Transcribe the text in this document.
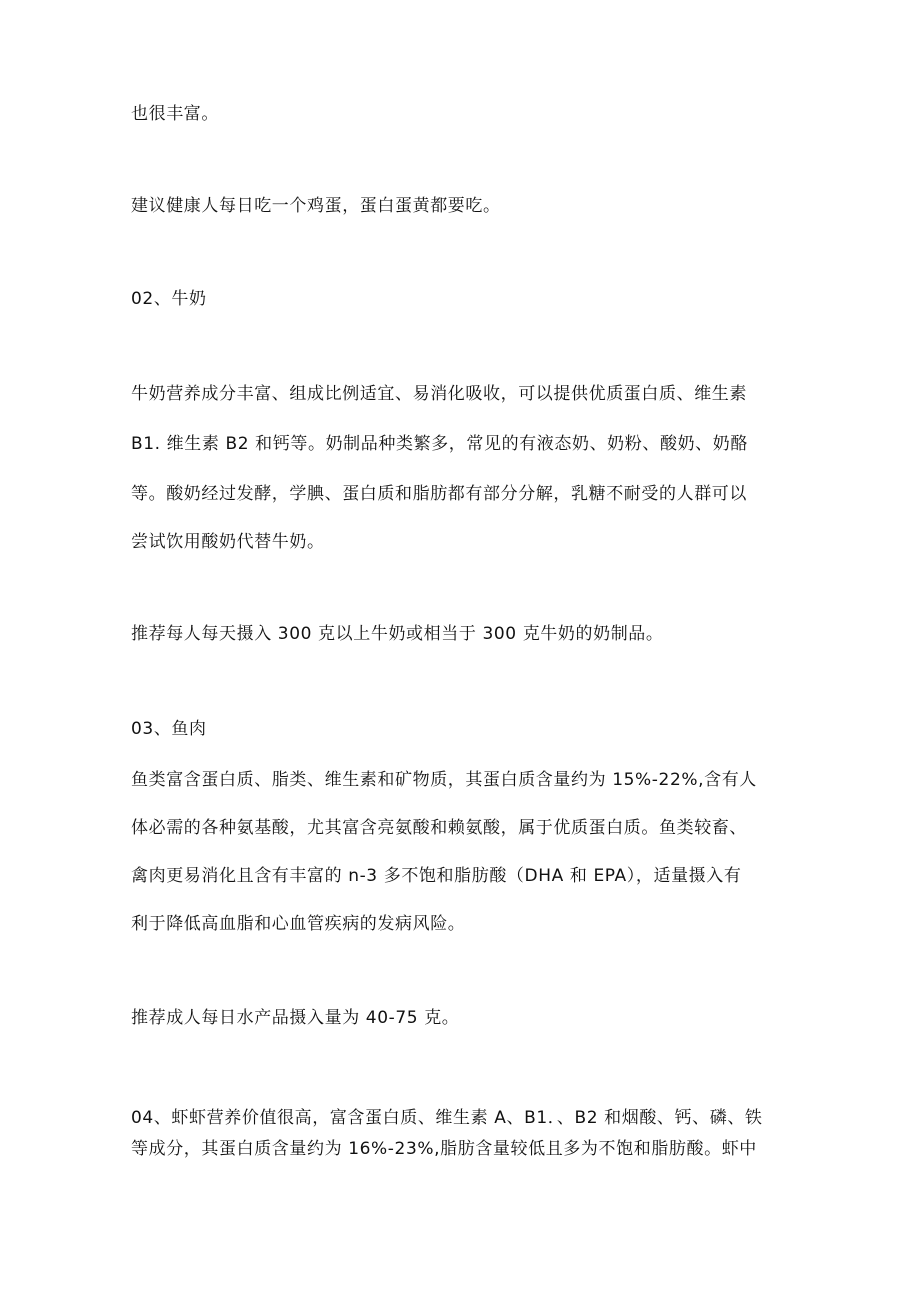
也很丰富。

建议健康人每日吃一个鸡蛋，蛋白蛋黄都要吃。

02、牛奶

牛奶营养成分丰富、组成比例适宜、易消化吸收，可以提供优质蛋白质、维生素

B1. 维生素 B2 和钙等。奶制品种类繁多，常见的有液态奶、奶粉、酸奶、奶酪

等。酸奶经过发酵，学腆、蛋白质和脂肪都有部分分解，乳糖不耐受的人群可以

尝试饮用酸奶代替牛奶。

推荐每人每天摄入 300 克以上牛奶或相当于 300 克牛奶的奶制品。

03、鱼肉

鱼类富含蛋白质、脂类、维生素和矿物质，其蛋白质含量约为 15%-22%,含有人

体必需的各种氨基酸，尤其富含亮氨酸和赖氨酸，属于优质蛋白质。鱼类较畜、

禽肉更易消化且含有丰富的 n-3 多不饱和脂肪酸（DHA 和 EPA），适量摄入有

利于降低高血脂和心血管疾病的发病风险。

推荐成人每日水产品摄入量为 40-75 克。

04、虾虾营养价值很高，富含蛋白质、维生素 A、B1．、B2 和烟酸、钙、磷、铁

等成分，其蛋白质含量约为 16%-23%,脂肪含量较低且多为不饱和脂肪酸。虾中
